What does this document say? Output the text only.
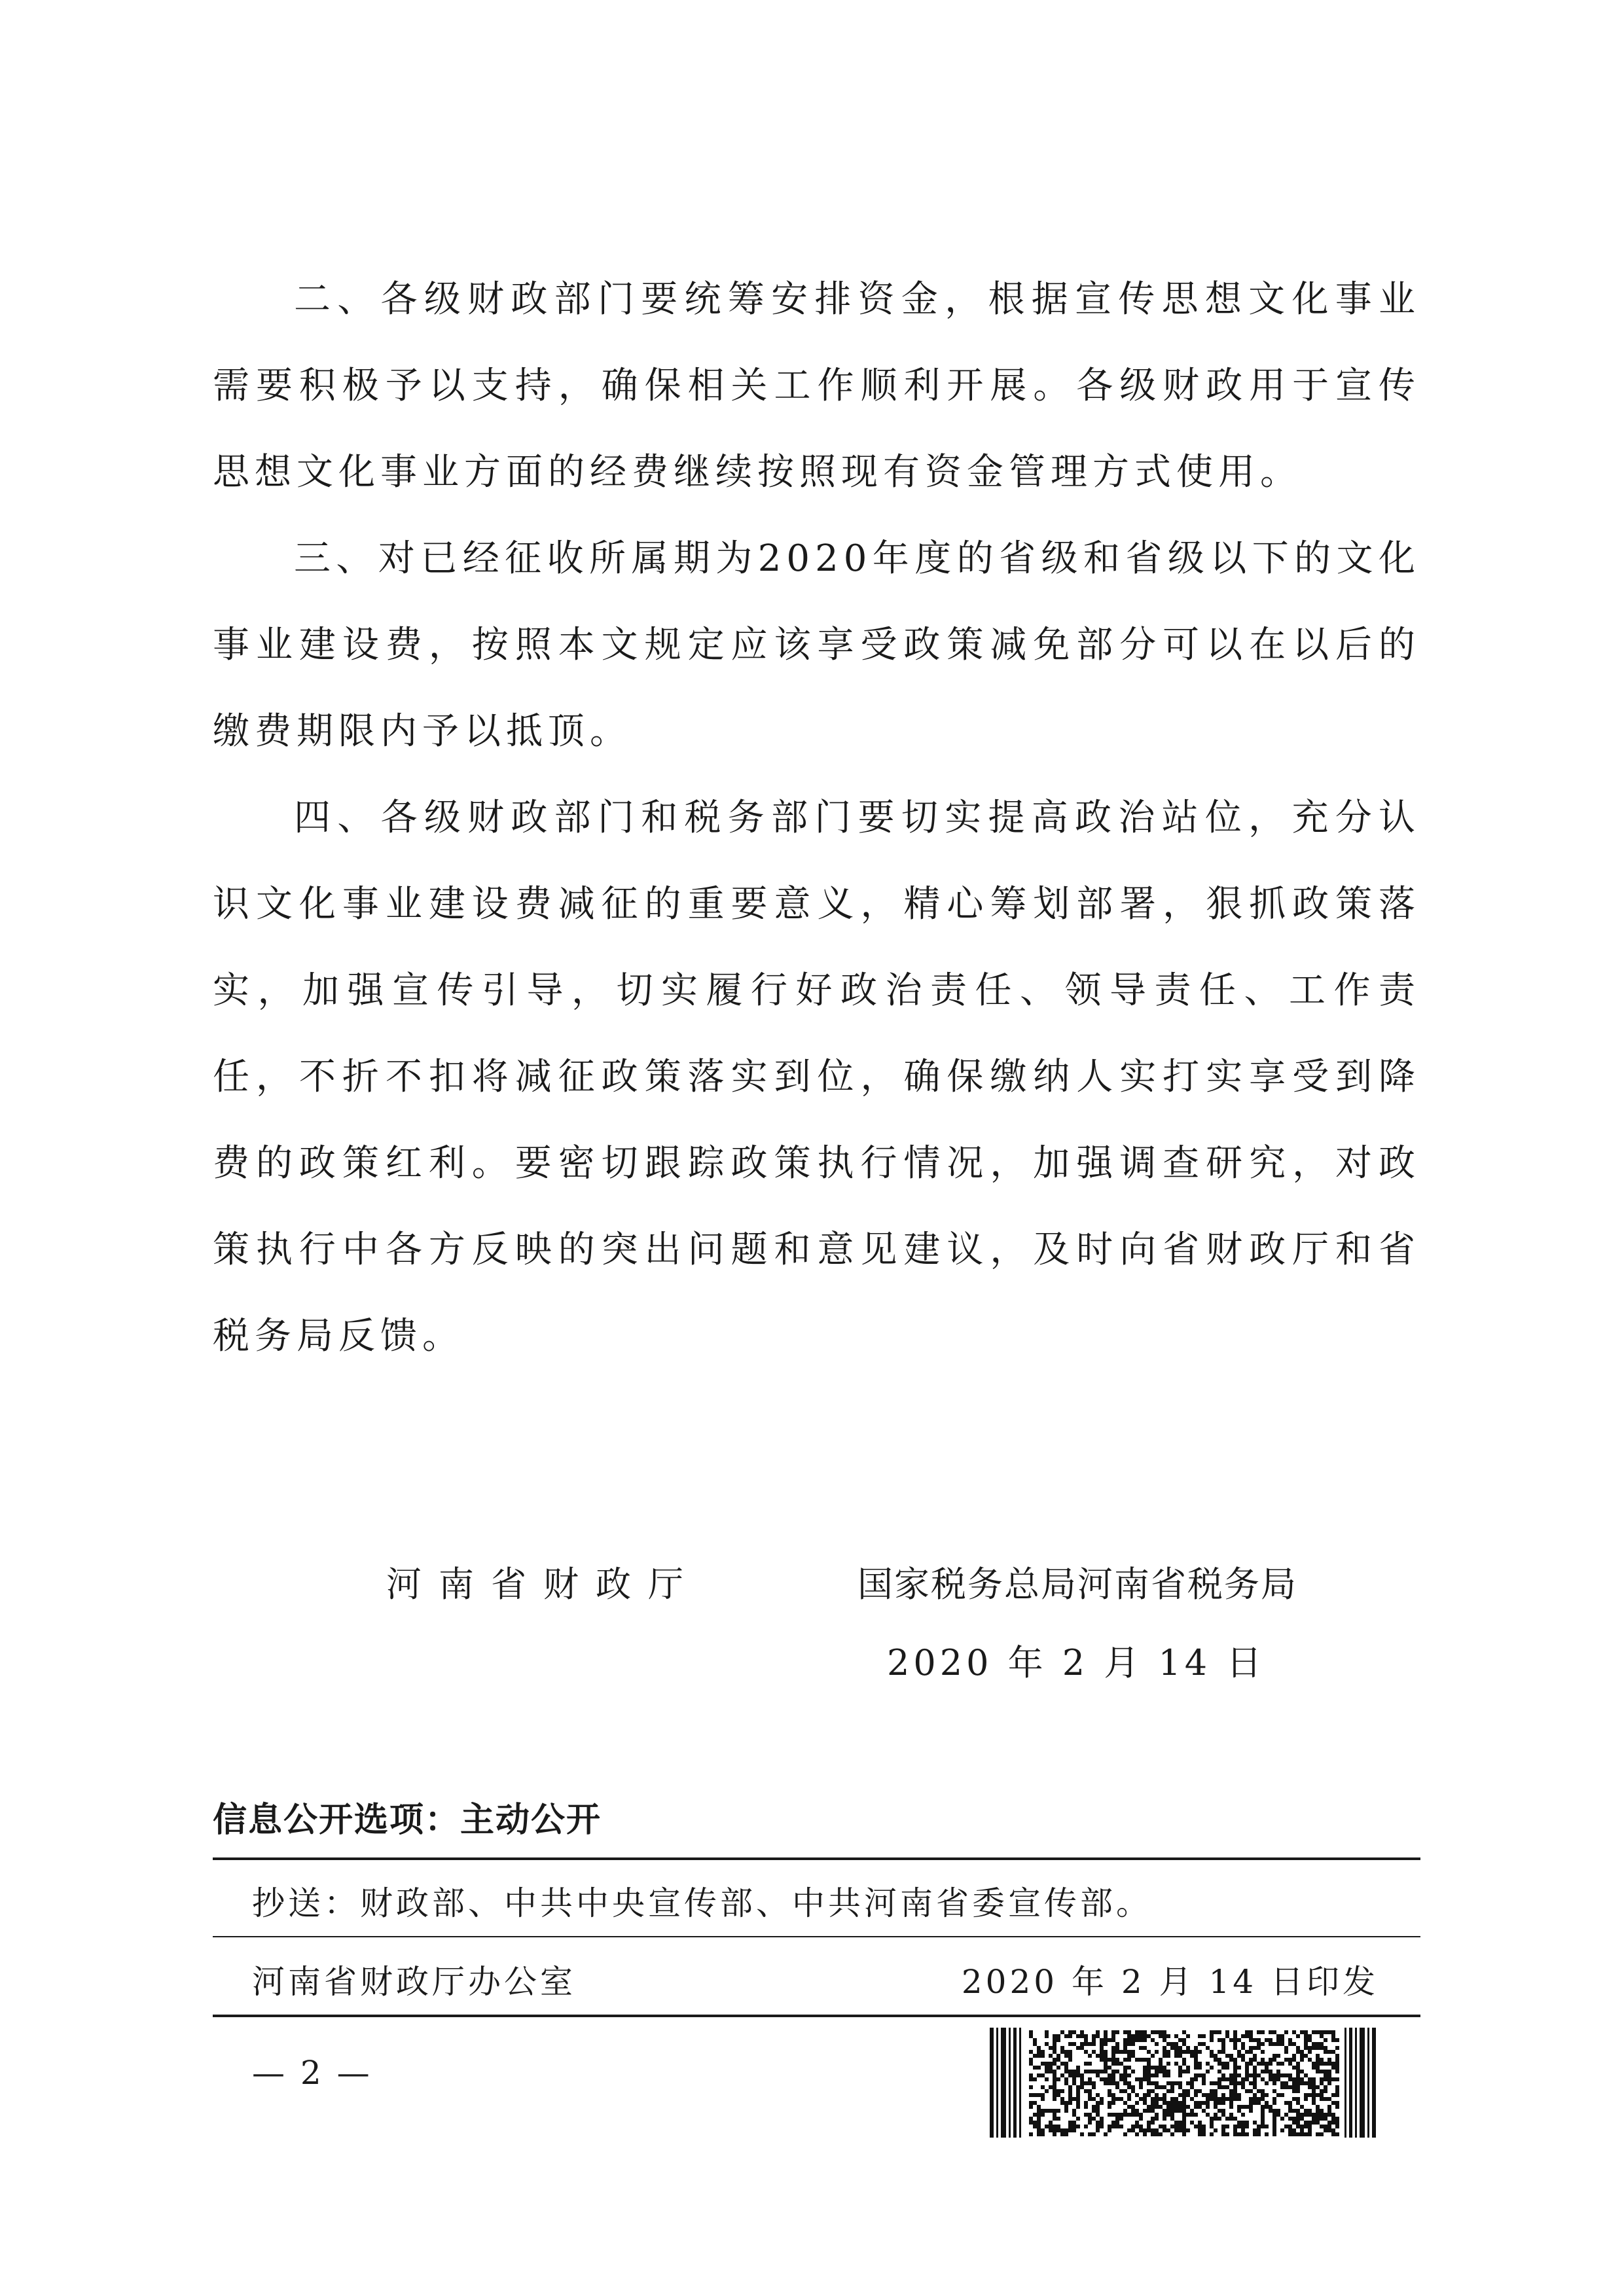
二、各级财政部门要统筹安排资金，根据宣传思想文化事业需要积极予以支持，确保相关工作顺利开展。各级财政用于宣传思想文化事业方面的经费继续按照现有资金管理方式使用。

三、对已经征收所属期为2020年度的省级和省级以下的文化事业建设费，按照本文规定应该享受政策减免部分可以在以后的缴费期限内予以抵顶。

四、各级财政部门和税务部门要切实提高政治站位，充分认识文化事业建设费减征的重要意义，精心筹划部署，狠抓政策落实，加强宣传引导，切实履行好政治责任、领导责任、工作责任，不折不扣将减征政策落实到位，确保缴纳人实打实享受到降费的政策红利。要密切跟踪政策执行情况，加强调查研究，对政策执行中各方反映的突出问题和意见建议，及时向省财政厅和省税务局反馈。

河南省财政厅	国家税务总局河南省税务局
2020 年 2 月 14 日
信息公开选项：主动公开
抄送：财政部、中共中央宣传部、中共河南省委宣传部。
河南省财政厅办公室	2020 年 2 月 14 日印发
— 2 —
